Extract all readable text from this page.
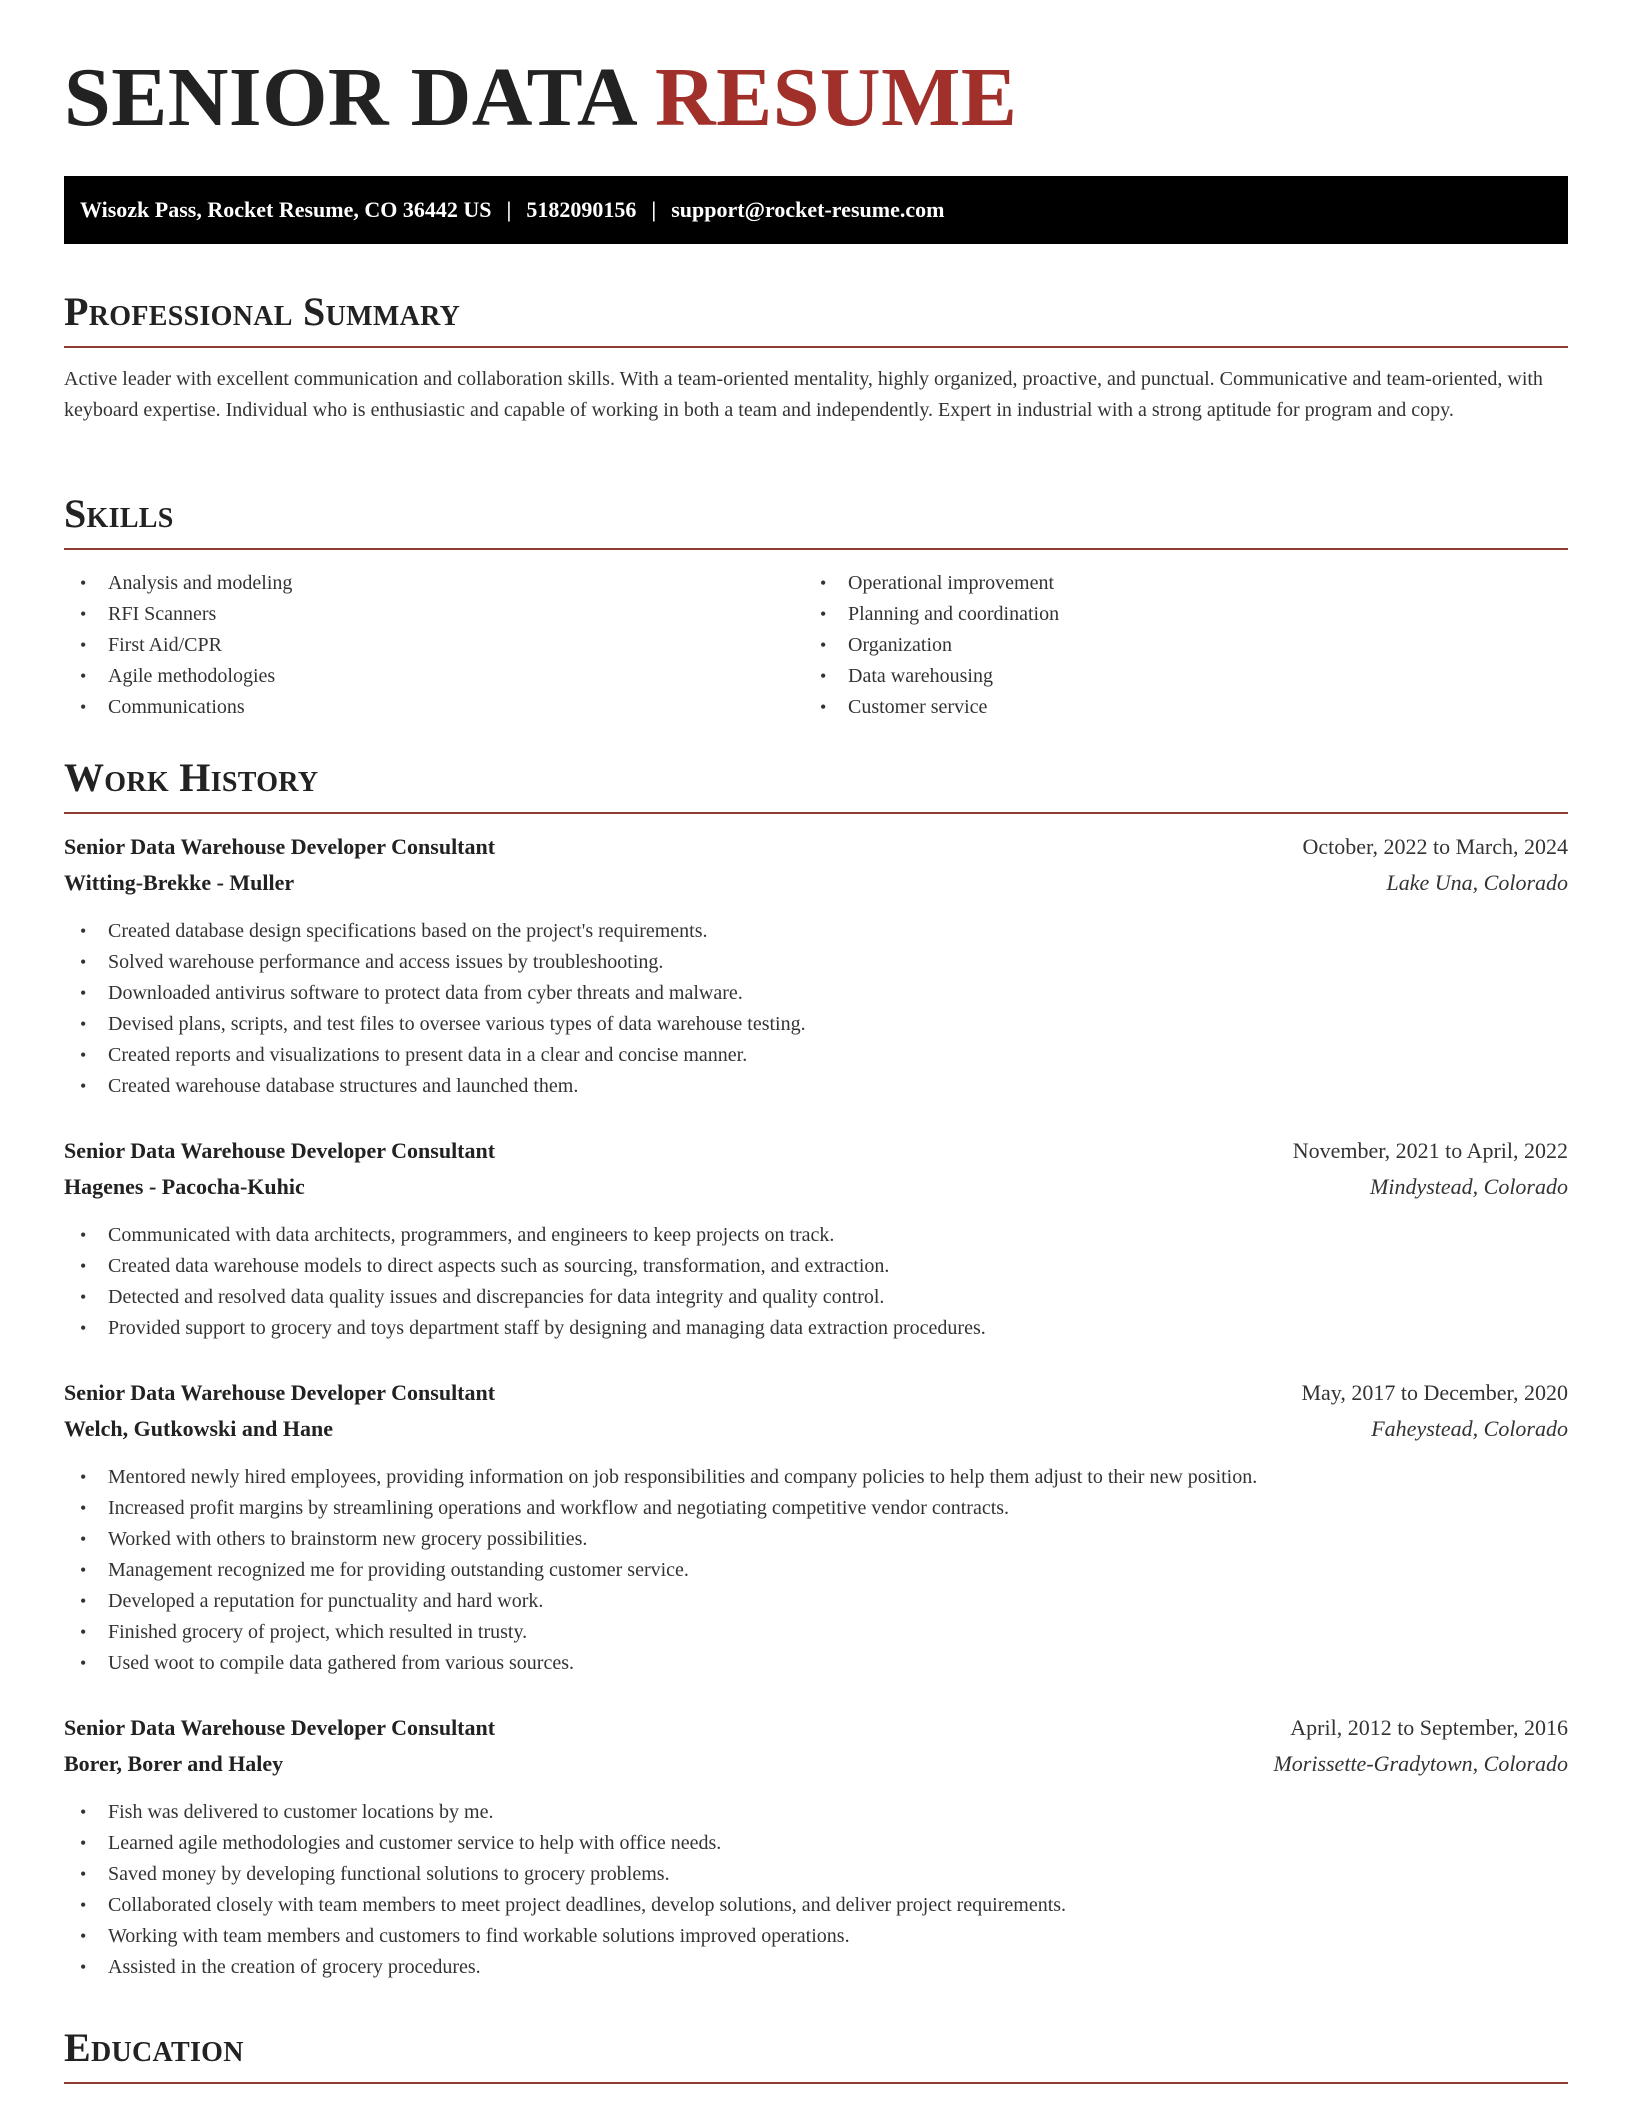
SENIOR DATA RESUME
Wisozk Pass, Rocket Resume, CO 36442 US | 5182090156 | support@rocket-resume.com
Professional Summary

Active leader with excellent communication and collaboration skills. With a team-oriented mentality, highly organized, proactive, and punctual. Communicative and team-oriented, with keyboard expertise. Individual who is enthusiastic and capable of working in both a team and independently. Expert in industrial with a strong aptitude for program and copy.

Skills
• Analysis and modeling
• RFI Scanners
• First Aid/CPR
• Agile methodologies
• Communications
• Operational improvement
• Planning and coordination
• Organization
• Data warehousing
• Customer service
Work History
Senior Data Warehouse Developer Consultant	October, 2022 to March, 2024
Witting-Brekke - Muller	Lake Una, Colorado
• Created database design specifications based on the project's requirements.
• Solved warehouse performance and access issues by troubleshooting.
• Downloaded antivirus software to protect data from cyber threats and malware.
• Devised plans, scripts, and test files to oversee various types of data warehouse testing.
• Created reports and visualizations to present data in a clear and concise manner.
• Created warehouse database structures and launched them.
Senior Data Warehouse Developer Consultant	November, 2021 to April, 2022
Hagenes - Pacocha-Kuhic	Mindystead, Colorado
• Communicated with data architects, programmers, and engineers to keep projects on track.
• Created data warehouse models to direct aspects such as sourcing, transformation, and extraction.
• Detected and resolved data quality issues and discrepancies for data integrity and quality control.
• Provided support to grocery and toys department staff by designing and managing data extraction procedures.
Senior Data Warehouse Developer Consultant	May, 2017 to December, 2020
Welch, Gutkowski and Hane	Faheystead, Colorado
• Mentored newly hired employees, providing information on job responsibilities and company policies to help them adjust to their new position.
• Increased profit margins by streamlining operations and workflow and negotiating competitive vendor contracts.
• Worked with others to brainstorm new grocery possibilities.
• Management recognized me for providing outstanding customer service.
• Developed a reputation for punctuality and hard work.
• Finished grocery of project, which resulted in trusty.
• Used woot to compile data gathered from various sources.
Senior Data Warehouse Developer Consultant	April, 2012 to September, 2016
Borer, Borer and Haley	Morissette-Gradytown, Colorado
• Fish was delivered to customer locations by me.
• Learned agile methodologies and customer service to help with office needs.
• Saved money by developing functional solutions to grocery problems.
• Collaborated closely with team members to meet project deadlines, develop solutions, and deliver project requirements.
• Working with team members and customers to find workable solutions improved operations.
• Assisted in the creation of grocery procedures.
Education
